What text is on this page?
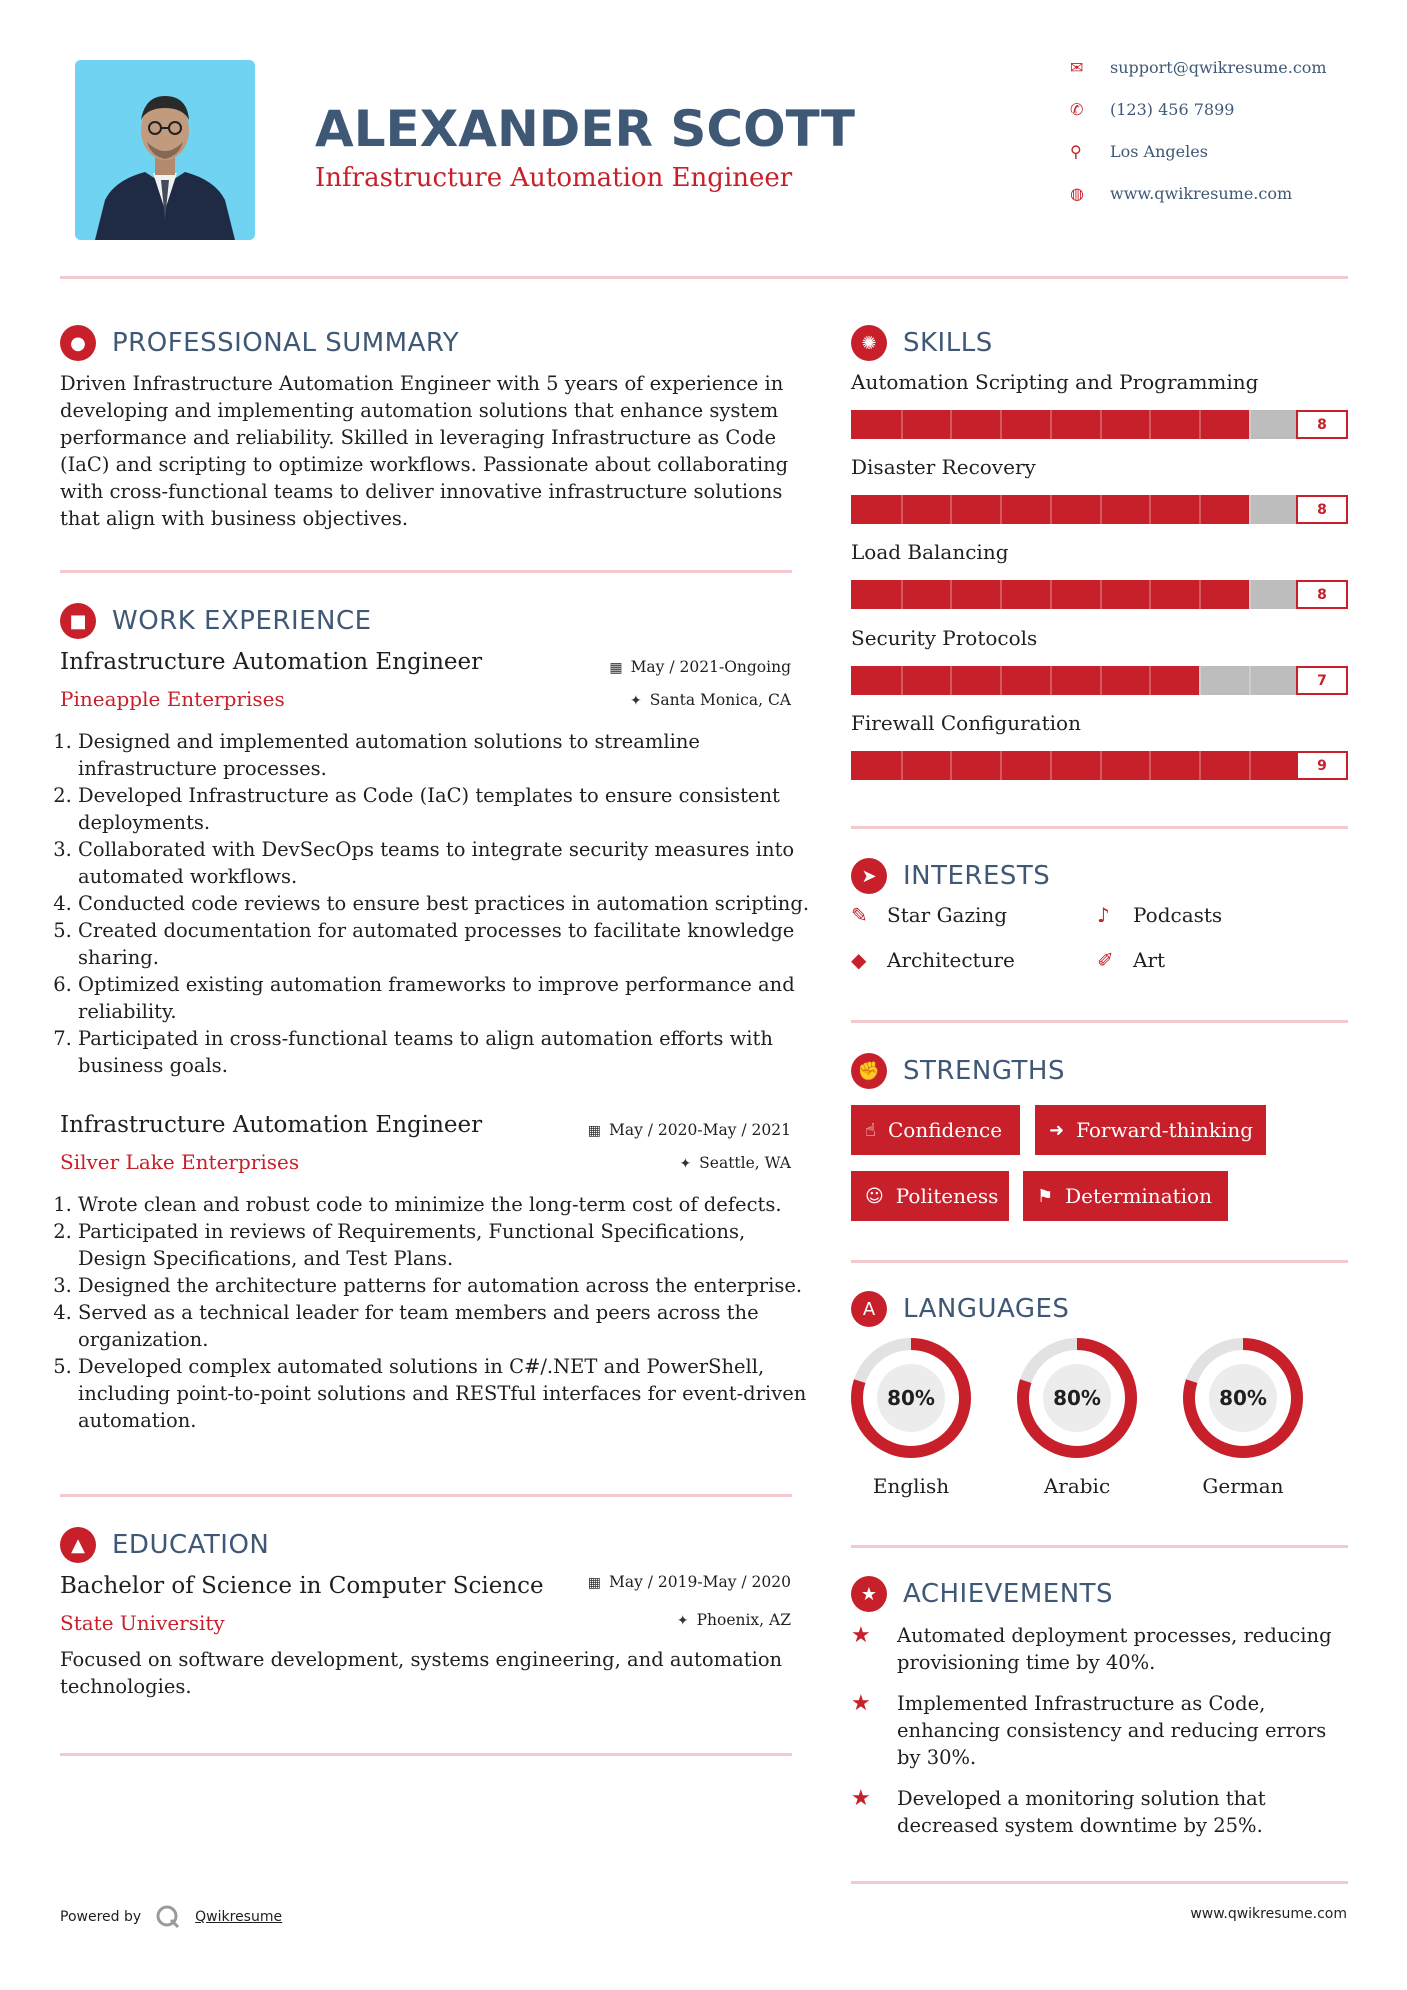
ALEXANDER SCOTT
Infrastructure Automation Engineer
✉	support@qwikresume.com
✆	(123) 456 7899
⚲	Los Angeles
◍	www.qwikresume.com
●	PROFESSIONAL SUMMARY
Driven Infrastructure Automation Engineer with 5 years of experience in developing and implementing automation solutions that enhance system performance and reliability. Skilled in leveraging Infrastructure as Code (IaC) and scripting to optimize workflows. Passionate about collaborating with cross-functional teams to deliver innovative infrastructure solutions that align with business objectives.
■ WORK EXPERIENCE
Infrastructure Automation Engineer	▦ May / 2021-Ongoing
Pineapple Enterprises	✦ Santa Monica, CA
1. Designed and implemented automation solutions to streamline infrastructure processes.
2. Developed Infrastructure as Code (IaC) templates to ensure consistent deployments.
3. Collaborated with DevSecOps teams to integrate security measures into automated workflows.
4. Conducted code reviews to ensure best practices in automation scripting.
5. Created documentation for automated processes to facilitate knowledge sharing.
6. Optimized existing automation frameworks to improve performance and reliability.
7. Participated in cross-functional teams to align automation efforts with business goals.
Infrastructure Automation Engineer	▦ May / 2020-May / 2021
Silver Lake Enterprises	✦ Seattle, WA
1. Wrote clean and robust code to minimize the long-term cost of defects.
2. Participated in reviews of Requirements, Functional Specifications, Design Specifications, and Test Plans.
3. Designed the architecture patterns for automation across the enterprise.
4. Served as a technical leader for team members and peers across the organization.
5. Developed complex automated solutions in C#/.NET and PowerShell, including point-to-point solutions and RESTful interfaces for event-driven automation.
▲	EDUCATION
Bachelor of Science in Computer Science	▦ May / 2019-May / 2020
State University	✦ Phoenix, AZ
Focused on software development, systems engineering, and automation technologies.
✺	SKILLS
Automation Scripting and Programming
8
Disaster Recovery
8
Load Balancing
8
Security Protocols
7
Firewall Configuration
9
➤	INTERESTS
✎ Star Gazing	♪	Podcasts
◆	Architecture	✐ Art
✊ STRENGTHS
☝ Confidence	➜ Forward-thinking
☺ Politeness ⚑ Determination
A	LANGUAGES
80%
English
80%
Arabic
80%
German
★ ACHIEVEMENTS
★	Automated deployment processes, reducing provisioning time by 40%.
★	Implemented Infrastructure as Code, enhancing consistency and reducing errors by 30%.
★	Developed a monitoring solution that decreased system downtime by 25%.
Powered by	Qwikresume	www.qwikresume.com
